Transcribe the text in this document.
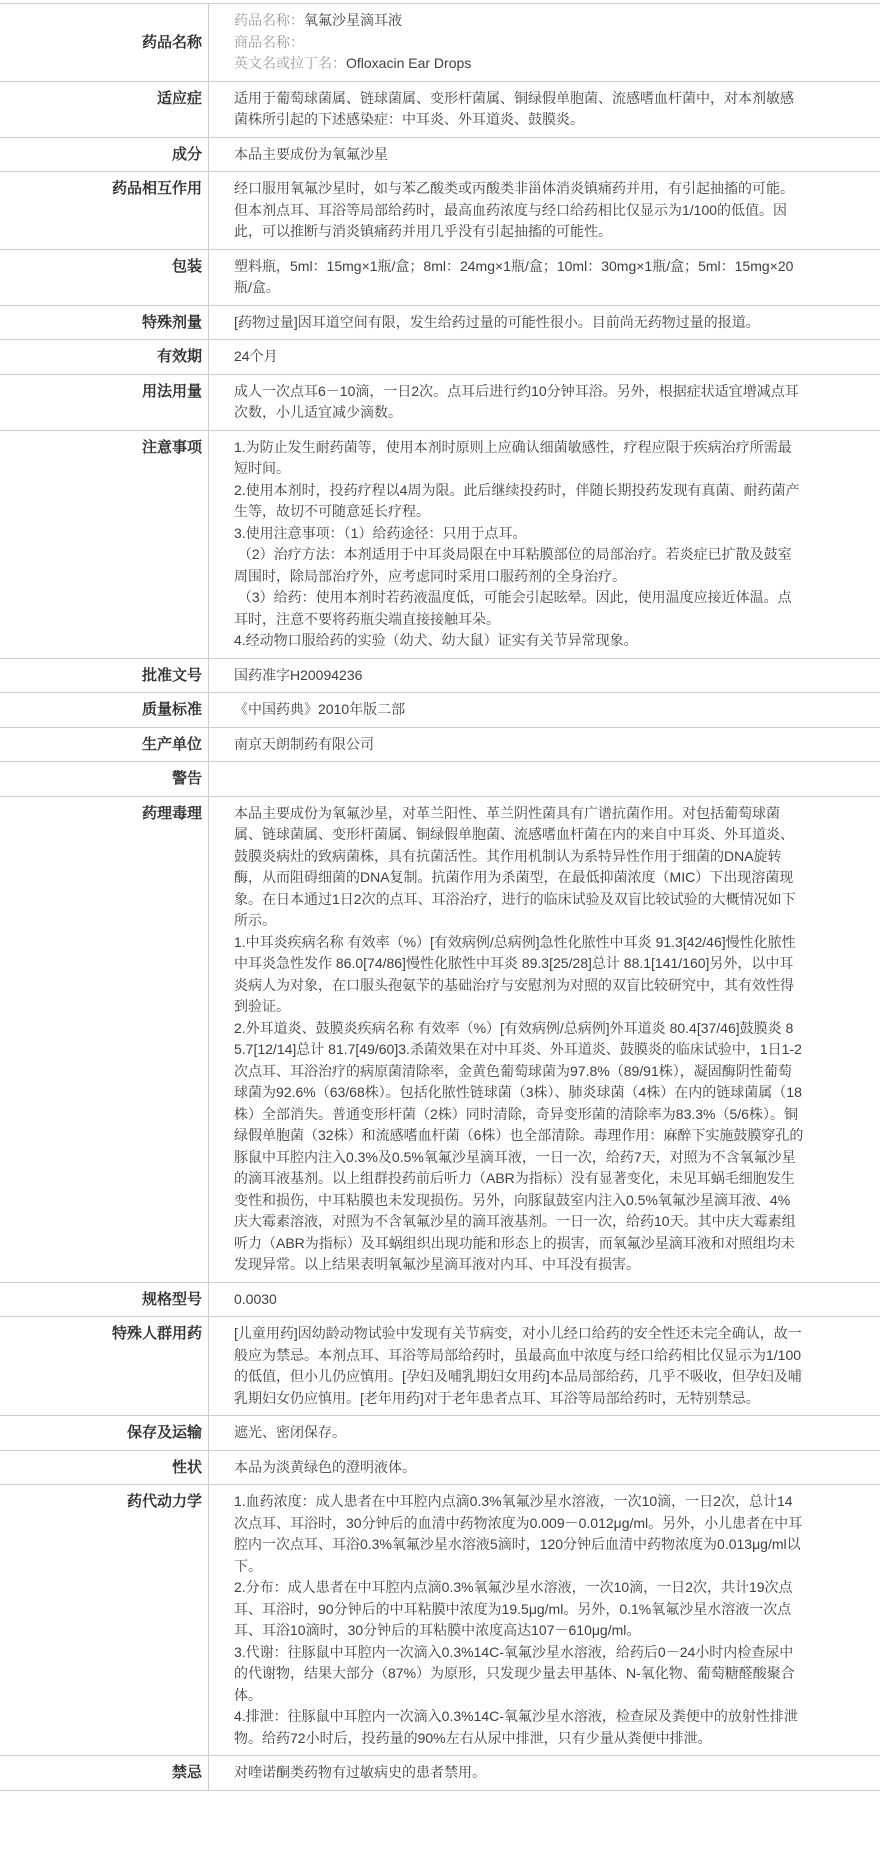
药品名称	药品名称：氧氟沙星滴耳液
商品名称：
英文名或拉丁名：Ofloxacin Ear Drops

适应症	适用于葡萄球菌属、链球菌属、变形杆菌属、铜绿假单胞菌、流感嗜血杆菌中，对本剂敏感菌株所引起的下述感染症：中耳炎、外耳道炎、鼓膜炎。

成分	本品主要成份为氧氟沙星

药品相互作用	经口服用氧氟沙星时，如与苯乙酸类或丙酸类非甾体消炎镇痛药并用，有引起抽搐的可能。但本剂点耳、耳浴等局部给药时，最高血药浓度与经口给药相比仅显示为1/100的低值。因此，可以推断与消炎镇痛药并用几乎没有引起抽搐的可能性。

包装	塑料瓶，5ml：15mg×1瓶/盒；8ml：24mg×1瓶/盒；10ml：30mg×1瓶/盒；5ml：15mg×20瓶/盒。

特殊剂量	[药物过量]因耳道空间有限，发生给药过量的可能性很小。目前尚无药物过量的报道。

有效期	24个月

用法用量	成人一次点耳6－10滴，一日2次。点耳后进行约10分钟耳浴。另外，根据症状适宜增减点耳次数，小儿适宜减少滴数。

注意事项	1.为防止发生耐药菌等，使用本剂时原则上应确认细菌敏感性，疗程应限于疾病治疗所需最短时间。
2.使用本剂时，投药疗程以4周为限。此后继续投药时，伴随长期投药发现有真菌、耐药菌产生等，故切不可随意延长疗程。
3.使用注意事项：（1）给药途径：只用于点耳。
（2）治疗方法：本剂适用于中耳炎局限在中耳粘膜部位的局部治疗。若炎症已扩散及鼓室周围时，除局部治疗外，应考虑同时采用口服药剂的全身治疗。
（3）给药：使用本剂时若药液温度低，可能会引起眩晕。因此，使用温度应接近体温。点耳时，注意不要将药瓶尖端直接接触耳朵。
4.经动物口服给药的实验（幼犬、幼大鼠）证实有关节异常现象。

批准文号	国药准字H20094236

质量标准	《中国药典》2010年版二部

生产单位	南京天朗制药有限公司

警告	

药理毒理	本品主要成份为氧氟沙星，对革兰阳性、革兰阴性菌具有广谱抗菌作用。对包括葡萄球菌属、链球菌属、变形杆菌属、铜绿假单胞菌、流感嗜血杆菌在内的来自中耳炎、外耳道炎、鼓膜炎病灶的致病菌株，具有抗菌活性。其作用机制认为系特异性作用于细菌的DNA旋转酶，从而阻碍细菌的DNA复制。抗菌作用为杀菌型，在最低抑菌浓度（MIC）下出现溶菌现象。在日本通过1日2次的点耳、耳浴治疗，进行的临床试验及双盲比较试验的大概情况如下所示。
1.中耳炎疾病名称 有效率（%）[有效病例/总病例]急性化脓性中耳炎 91.3[42/46]慢性化脓性中耳炎急性发作 86.0[74/86]慢性化脓性中耳炎 89.3[25/28]总计 88.1[141/160]另外，以中耳炎病人为对象，在口服头孢氨苄的基础治疗与安慰剂为对照的双盲比较研究中，其有效性得到验证。
2.外耳道炎、鼓膜炎疾病名称 有效率（%）[有效病例/总病例]外耳道炎 80.4[37/46]鼓膜炎 85.7[12/14]总计 81.7[49/60]3.杀菌效果在对中耳炎、外耳道炎、鼓膜炎的临床试验中，1日1-2次点耳、耳浴治疗的病原菌清除率，金黄色葡萄球菌为97.8%（89/91株），凝固酶阴性葡萄球菌为92.6%（63/68株）。包括化脓性链球菌（3株）、肺炎球菌（4株）在内的链球菌属（18株）全部消失。普通变形杆菌（2株）同时清除，奇异变形菌的清除率为83.3%（5/6株）。铜绿假单胞菌（32株）和流感嗜血杆菌（6株）也全部清除。毒理作用：麻醉下实施鼓膜穿孔的豚鼠中耳腔内注入0.3%及0.5%氧氟沙星滴耳液，一日一次，给药7天，对照为不含氧氟沙星的滴耳液基剂。以上组群投药前后听力（ABR为指标）没有显著变化，未见耳蜗毛细胞发生变性和损伤，中耳粘膜也未发现损伤。另外，向豚鼠鼓室内注入0.5%氧氟沙星滴耳液、4%庆大霉素溶液，对照为不含氧氟沙星的滴耳液基剂。一日一次，给药10天。其中庆大霉素组听力（ABR为指标）及耳蜗组织出现功能和形态上的损害，而氧氟沙星滴耳液和对照组均未发现异常。以上结果表明氧氟沙星滴耳液对内耳、中耳没有损害。

规格型号	0.0030

特殊人群用药	[儿童用药]因幼龄动物试验中发现有关节病变，对小儿经口给药的安全性还未完全确认，故一般应为禁忌。本剂点耳、耳浴等局部给药时，虽最高血中浓度与经口给药相比仅显示为1/100的低值，但小儿仍应慎用。[孕妇及哺乳期妇女用药]本品局部给药，几乎不吸收，但孕妇及哺乳期妇女仍应慎用。[老年用药]对于老年患者点耳、耳浴等局部给药时，无特别禁忌。

保存及运输	遮光、密闭保存。

性状	本品为淡黄绿色的澄明液体。

药代动力学	1.血药浓度：成人患者在中耳腔内点滴0.3%氧氟沙星水溶液，一次10滴，一日2次，总计14次点耳、耳浴时，30分钟后的血清中药物浓度为0.009－0.012μg/ml。另外，小儿患者在中耳腔内一次点耳、耳浴0.3%氧氟沙星水溶液5滴时，120分钟后血清中药物浓度为0.013μg/ml以下。
2.分布：成人患者在中耳腔内点滴0.3%氧氟沙星水溶液，一次10滴，一日2次，共计19次点耳、耳浴时，90分钟后的中耳粘膜中浓度为19.5μg/ml。另外，0.1%氧氟沙星水溶液一次点耳、耳浴10滴时，30分钟后的耳粘膜中浓度高达107－610μg/ml。
3.代谢：往豚鼠中耳腔内一次滴入0.3%14C-氧氟沙星水溶液，给药后0－24小时内检查尿中的代谢物，结果大部分（87%）为原形，只发现少量去甲基体、N-氧化物、葡萄糖醛酸聚合体。
4.排泄：往豚鼠中耳腔内一次滴入0.3%14C-氧氟沙星水溶液，检查尿及粪便中的放射性排泄物。给药72小时后，投药量的90%左右从尿中排泄，只有少量从粪便中排泄。

禁忌	对喹诺酮类药物有过敏病史的患者禁用。
